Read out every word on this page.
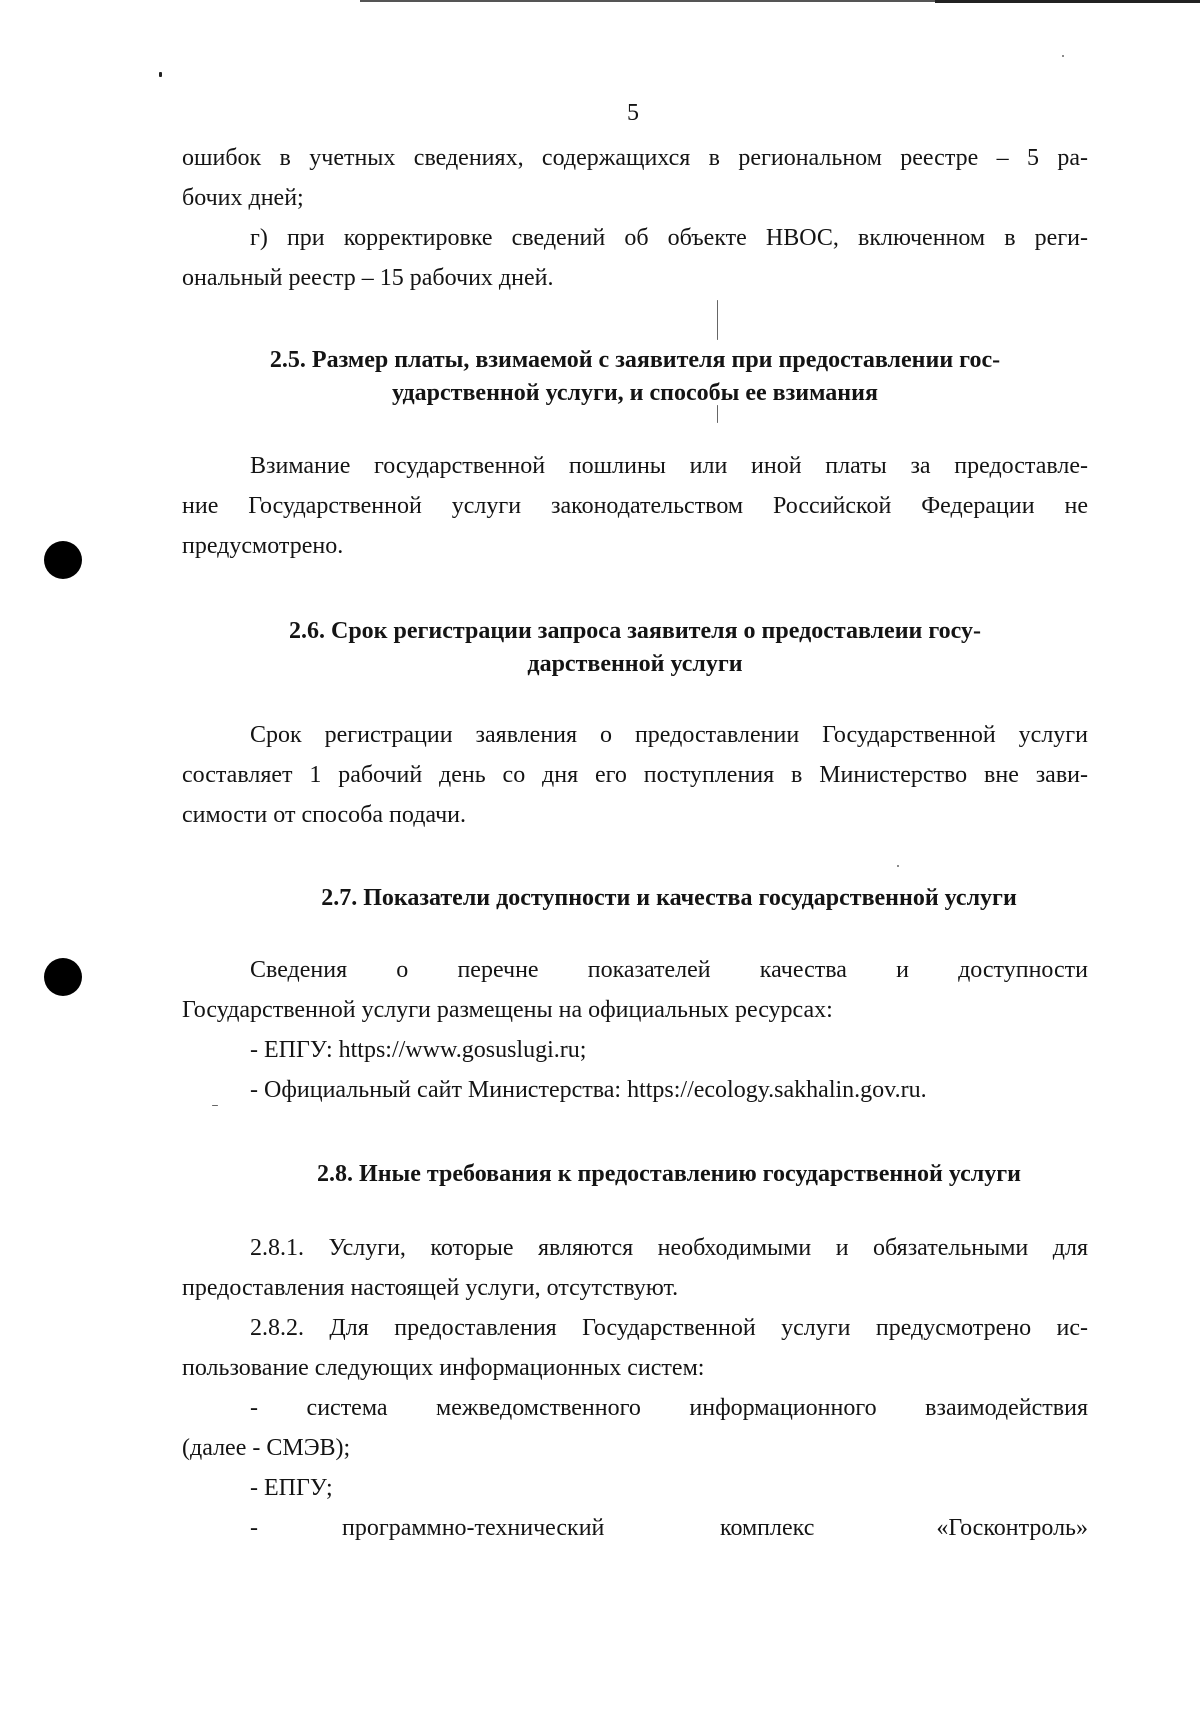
5
ошибок в учетных сведениях, содержащихся в региональном реестре – 5 ра-
бочих дней;
г) при корректировке сведений об объекте НВОС, включенном в реги-
ональный реестр – 15 рабочих дней.
2.5. Размер платы, взимаемой с заявителя при предоставлении гос-
ударственной услуги, и способы ее взимания
Взимание государственной пошлины или иной платы за предоставле-
ние Государственной услуги законодательством Российской Федерации не
предусмотрено.
2.6. Срок регистрации запроса заявителя о предоставлеии госу-
дарственной услуги
Срок регистрации заявления о предоставлении Государственной услуги
составляет 1 рабочий день со дня его поступления в Министерство вне зави-
симости от способа подачи.
2.7. Показатели доступности и качества государственной услуги
Сведения о перечне показателей качества и доступности
Государственной услуги размещены на официальных ресурсах:
- ЕПГУ: https://www.gosuslugi.ru;
- Официальный сайт Министерства: https://ecology.sakhalin.gov.ru.
2.8. Иные требования к предоставлению государственной услуги
2.8.1. Услуги, которые являются необходимыми и обязательными для
предоставления настоящей услуги, отсутствуют.
2.8.2. Для предоставления Государственной услуги предусмотрено ис-
пользование следующих информационных систем:
- система межведомственного информационного взаимодействия
(далее - СМЭВ);
- ЕПГУ;
-	программно-технический	комплекс	«Госконтроль»
